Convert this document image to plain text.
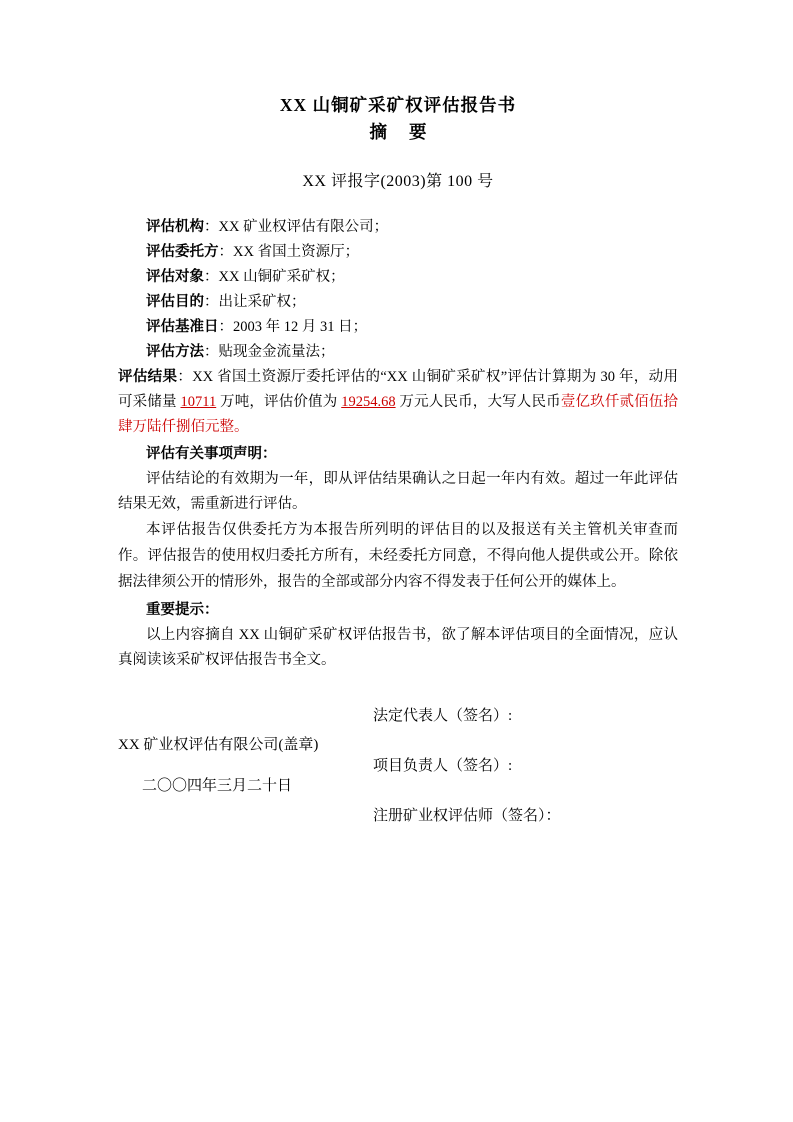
XX 山铜矿采矿权评估报告书
摘要
XX 评报字(2003)第 100 号
评估机构：XX 矿业权评估有限公司；
评估委托方：XX 省国土资源厅；
评估对象：XX 山铜矿采矿权；
评估目的：出让采矿权；
评估基准日：2003 年 12 月 31 日；
评估方法：贴现金金流量法；
评估结果：XX 省国土资源厅委托评估的“XX 山铜矿采矿权”评估计算期为 30 年，动用可采储量 10711 万吨，评估价值为 19254.68 万元人民币，大写人民币壹亿玖仟贰佰伍拾肆万陆仟捌佰元整。
评估有关事项声明：

评估结论的有效期为一年，即从评估结果确认之日起一年内有效。超过一年此评估结果无效，需重新进行评估。

本评估报告仅供委托方为本报告所列明的评估目的以及报送有关主管机关审查而作。评估报告的使用权归委托方所有，未经委托方同意，不得向他人提供或公开。除依据法律须公开的情形外，报告的全部或部分内容不得发表于任何公开的媒体上。

重要提示：

以上内容摘自 XX 山铜矿采矿权评估报告书，欲了解本评估项目的全面情况，应认真阅读该采矿权评估报告书全文。

XX 矿业权评估有限公司(盖章)
二〇〇四年三月二十日
法定代表人（签名）:
项目负责人（签名）:
注册矿业权评估师（签名）：
